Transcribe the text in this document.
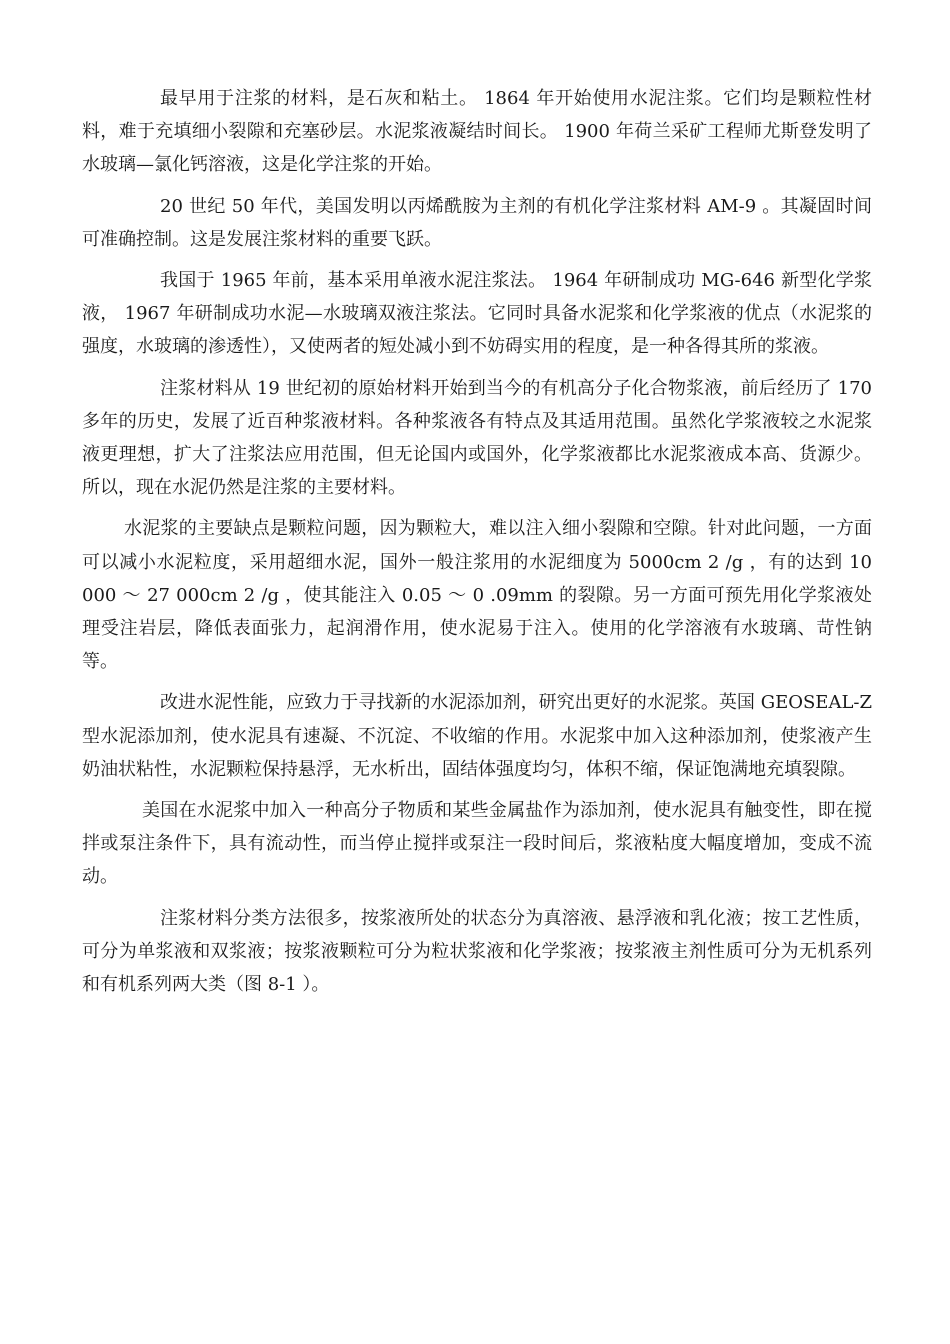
最早用于注浆的材料，是石灰和粘土。 1864 年开始使用水泥注浆。它们均是颗粒性材料，难于充填细小裂隙和充塞砂层。水泥浆液凝结时间长。 1900 年荷兰采矿工程师尤斯登发明了水玻璃—氯化钙溶液，这是化学注浆的开始。

20 世纪 50 年代，美国发明以丙烯酰胺为主剂的有机化学注浆材料 AM-9 。其凝固时间可准确控制。这是发展注浆材料的重要飞跃。

我国于 1965 年前，基本采用单液水泥注浆法。 1964 年研制成功 MG-646 新型化学浆液， 1967 年研制成功水泥—水玻璃双液注浆法。它同时具备水泥浆和化学浆液的优点（水泥浆的强度，水玻璃的渗透性），又使两者的短处减小到不妨碍实用的程度，是一种各得其所的浆液。

注浆材料从 19 世纪初的原始材料开始到当今的有机高分子化合物浆液，前后经历了 170 多年的历史，发展了近百种浆液材料。各种浆液各有特点及其适用范围。虽然化学浆液较之水泥浆液更理想，扩大了注浆法应用范围，但无论国内或国外，化学浆液都比水泥浆液成本高、货源少。所以，现在水泥仍然是注浆的主要材料。

水泥浆的主要缺点是颗粒问题，因为颗粒大，难以注入细小裂隙和空隙。针对此问题，一方面可以减小水泥粒度，采用超细水泥，国外一般注浆用的水泥细度为 5000cm 2 /g ，有的达到 10 000 ～ 27 000cm 2 /g ，使其能注入 0.05 ～ 0 .09mm 的裂隙。另一方面可预先用化学浆液处理受注岩层，降低表面张力，起润滑作用，使水泥易于注入。使用的化学溶液有水玻璃、苛性钠等。

改进水泥性能，应致力于寻找新的水泥添加剂，研究出更好的水泥浆。英国 GEOSEAL-Z 型水泥添加剂，使水泥具有速凝、不沉淀、不收缩的作用。水泥浆中加入这种添加剂，使浆液产生奶油状粘性，水泥颗粒保持悬浮，无水析出，固结体强度均匀，体积不缩，保证饱满地充填裂隙。

美国在水泥浆中加入一种高分子物质和某些金属盐作为添加剂，使水泥具有触变性，即在搅拌或泵注条件下，具有流动性，而当停止搅拌或泵注一段时间后，浆液粘度大幅度增加，变成不流动。

注浆材料分类方法很多，按浆液所处的状态分为真溶液、悬浮液和乳化液；按工艺性质，可分为单浆液和双浆液；按浆液颗粒可分为粒状浆液和化学浆液；按浆液主剂性质可分为无机系列和有机系列两大类（图 8-1 ）。
